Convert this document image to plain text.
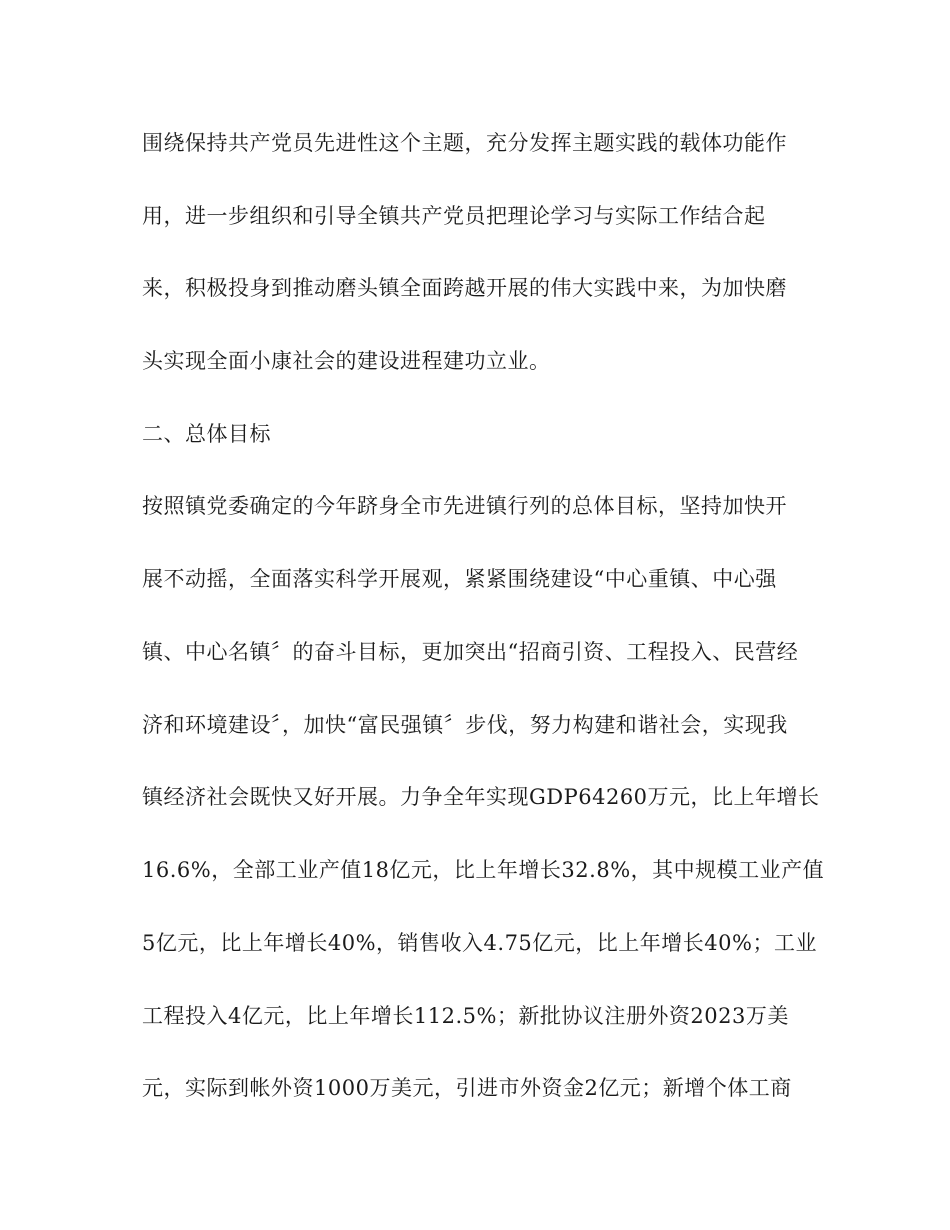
围绕保持共产党员先进性这个主题，充分发挥主题实践的载体功能作
用，进一步组织和引导全镇共产党员把理论学习与实际工作结合起
来，积极投身到推动磨头镇全面跨越开展的伟大实践中来，为加快磨
头实现全面小康社会的建设进程建功立业。
二、总体目标
按照镇党委确定的今年跻身全市先进镇行列的总体目标，坚持加快开
展不动摇，全面落实科学开展观，紧紧围绕建设“中心重镇、中心强
镇、中心名镇〞的奋斗目标，更加突出“招商引资、工程投入、民营经
济和环境建设〞，加快“富民强镇〞步伐，努力构建和谐社会，实现我
镇经济社会既快又好开展。力争全年实现GDP64260万元，比上年增长
16.6%，全部工业产值18亿元，比上年增长32.8%，其中规模工业产值
5亿元，比上年增长40%，销售收入4.75亿元，比上年增长40%；工业
工程投入4亿元，比上年增长112.5%；新批协议注册外资2023万美
元，实际到帐外资1000万美元，引进市外资金2亿元；新增个体工商
